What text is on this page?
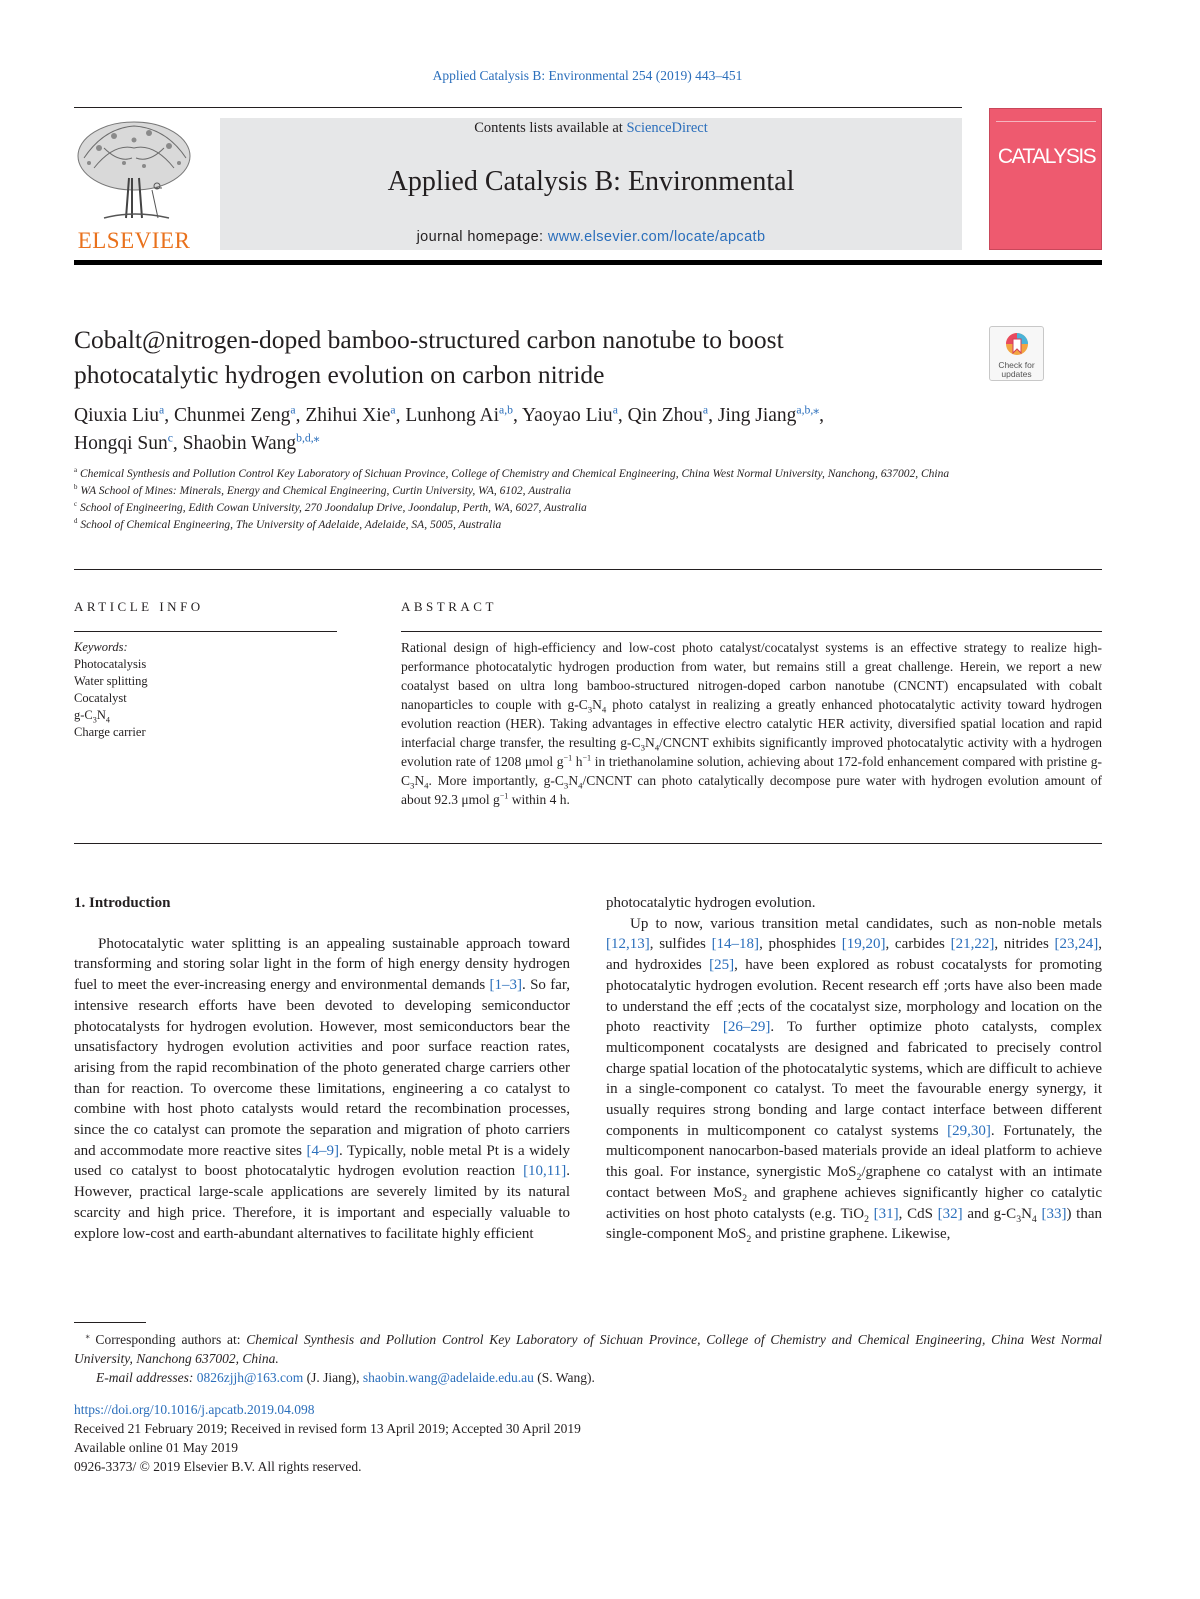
Applied Catalysis B: Environmental 254 (2019) 443–451
ELSEVIER
Contents lists available at ScienceDirect
Applied Catalysis B: Environmental
journal homepage: www.elsevier.com/locate/apcatb
CATALYSIS
Cobalt@nitrogen-doped bamboo-structured carbon nanotube to boost
photocatalytic hydrogen evolution on carbon nitride	Check for updates
Qiuxia Liu$^a$, Chunmei Zeng$^a$, Zhihui Xie$^a$, Lunhong Ai$^{a,b}$, Yaoyao Liu$^a$, Qin Zhou$^a$, Jing Jiang$^{a,b,⁎}$,
Hongqi Sun$^c$, Shaobin Wang$^{b,d,⁎}$
$^a$ Chemical Synthesis and Pollution Control Key Laboratory of Sichuan Province, College of Chemistry and Chemical Engineering, China West Normal University, Nanchong, 637002, China
$^b$ WA School of Mines: Minerals, Energy and Chemical Engineering, Curtin University, WA, 6102, Australia
$^c$ School of Engineering, Edith Cowan University, 270 Joondalup Drive, Joondalup, Perth, WA, 6027, Australia
$^d$ School of Chemical Engineering, The University of Adelaide, Adelaide, SA, 5005, Australia
ARTICLE INFO	ABSTRACT
Keywords:
Photocatalysis
Water splitting
Cocatalyst
$g-C_3N_4$
Charge carrier
Rational design of high-efficiency and low-cost photo catalyst/cocatalyst systems is an effective strategy to realize high-performance photocatalytic hydrogen production from water, but remains still a great challenge. Herein, we report a new coatalyst based on ultra long bamboo-structured nitrogen-doped carbon nanotube (CNCNT) encapsulated with cobalt nanoparticles to couple with $g-C_3N_4$ photo catalyst in realizing a greatly enhanced photocatalytic activity toward hydrogen evolution reaction (HER). Taking advantages in effective electro catalytic HER activity, diversified spatial location and rapid interfacial charge transfer, the resulting $g-C_3N_4$/CNCNT exhibits significantly improved photocatalytic activity with a hydrogen evolution rate of 1208 μmol $g^{-1}$ $h^{-1}$ in triethanolamine solution, achieving about 172-fold enhancement compared with pristine $g-C_3N_4$. More importantly, $g-C_3N_4$/CNCNT can photo catalytically decompose pure water with hydrogen evolution amount of about 92.3 μmol $g^{-1}$ within 4 h.
1. Introduction

Photocatalytic water splitting is an appealing sustainable approach toward transforming and storing solar light in the form of high energy density hydrogen fuel to meet the ever-increasing energy and environmental demands [1–3]. So far, intensive research efforts have been devoted to developing semiconductor photocatalysts for hydrogen evolution. However, most semiconductors bear the unsatisfactory hydrogen evolution activities and poor surface reaction rates, arising from the rapid recombination of the photo generated charge carriers other than for reaction. To overcome these limitations, engineering a co catalyst to combine with host photo catalysts would retard the recombination processes, since the co catalyst can promote the separation and migration of photo carriers and accommodate more reactive sites [4–9]. Typically, noble metal Pt is a widely used co catalyst to boost photocatalytic hydrogen evolution reaction [10,11]. However, practical large-scale applications are severely limited by its natural scarcity and high price. Therefore, it is important and especially valuable to explore low-cost and earth-abundant alternatives to facilitate highly efficient

photocatalytic hydrogen evolution.

Up to now, various transition metal candidates, such as non-noble metals [12,13], sulfides [14–18], phosphides [19,20], carbides [21,22], nitrides [23,24], and hydroxides [25], have been explored as robust cocatalysts for promoting photocatalytic hydrogen evolution. Recent research eff ;orts have also been made to understand the eff ;ects of the cocatalyst size, morphology and location on the photo reactivity [26–29]. To further optimize photo catalysts, complex multicomponent cocatalysts are designed and fabricated to precisely control charge spatial location of the photocatalytic systems, which are difficult to achieve in a single-component co catalyst. To meet the favourable energy synergy, it usually requires strong bonding and large contact interface between different components in multicomponent co catalyst systems [29,30]. Fortunately, the multicomponent nanocarbon-based materials provide an ideal platform to achieve this goal. For instance, synergistic MoS$_2$/graphene co catalyst with an intimate contact between MoS$_2$ and graphene achieves significantly higher co catalytic activities on host photo catalysts (e.g. TiO$_2$ [31], CdS [32] and $g-C_3N_4$ [33]) than single-component MoS$_2$ and pristine graphene. Likewise,

⁎ Corresponding authors at: Chemical Synthesis and Pollution Control Key Laboratory of Sichuan Province, College of Chemistry and Chemical Engineering, China West Normal University, Nanchong 637002, China.
E-mail addresses: 0826zjjh@163.com (J. Jiang), shaobin.wang@adelaide.edu.au (S. Wang).
https://doi.org/10.1016/j.apcatb.2019.04.098
Received 21 February 2019; Received in revised form 13 April 2019; Accepted 30 April 2019
Available online 01 May 2019
0926-3373/ © 2019 Elsevier B.V. All rights reserved.
